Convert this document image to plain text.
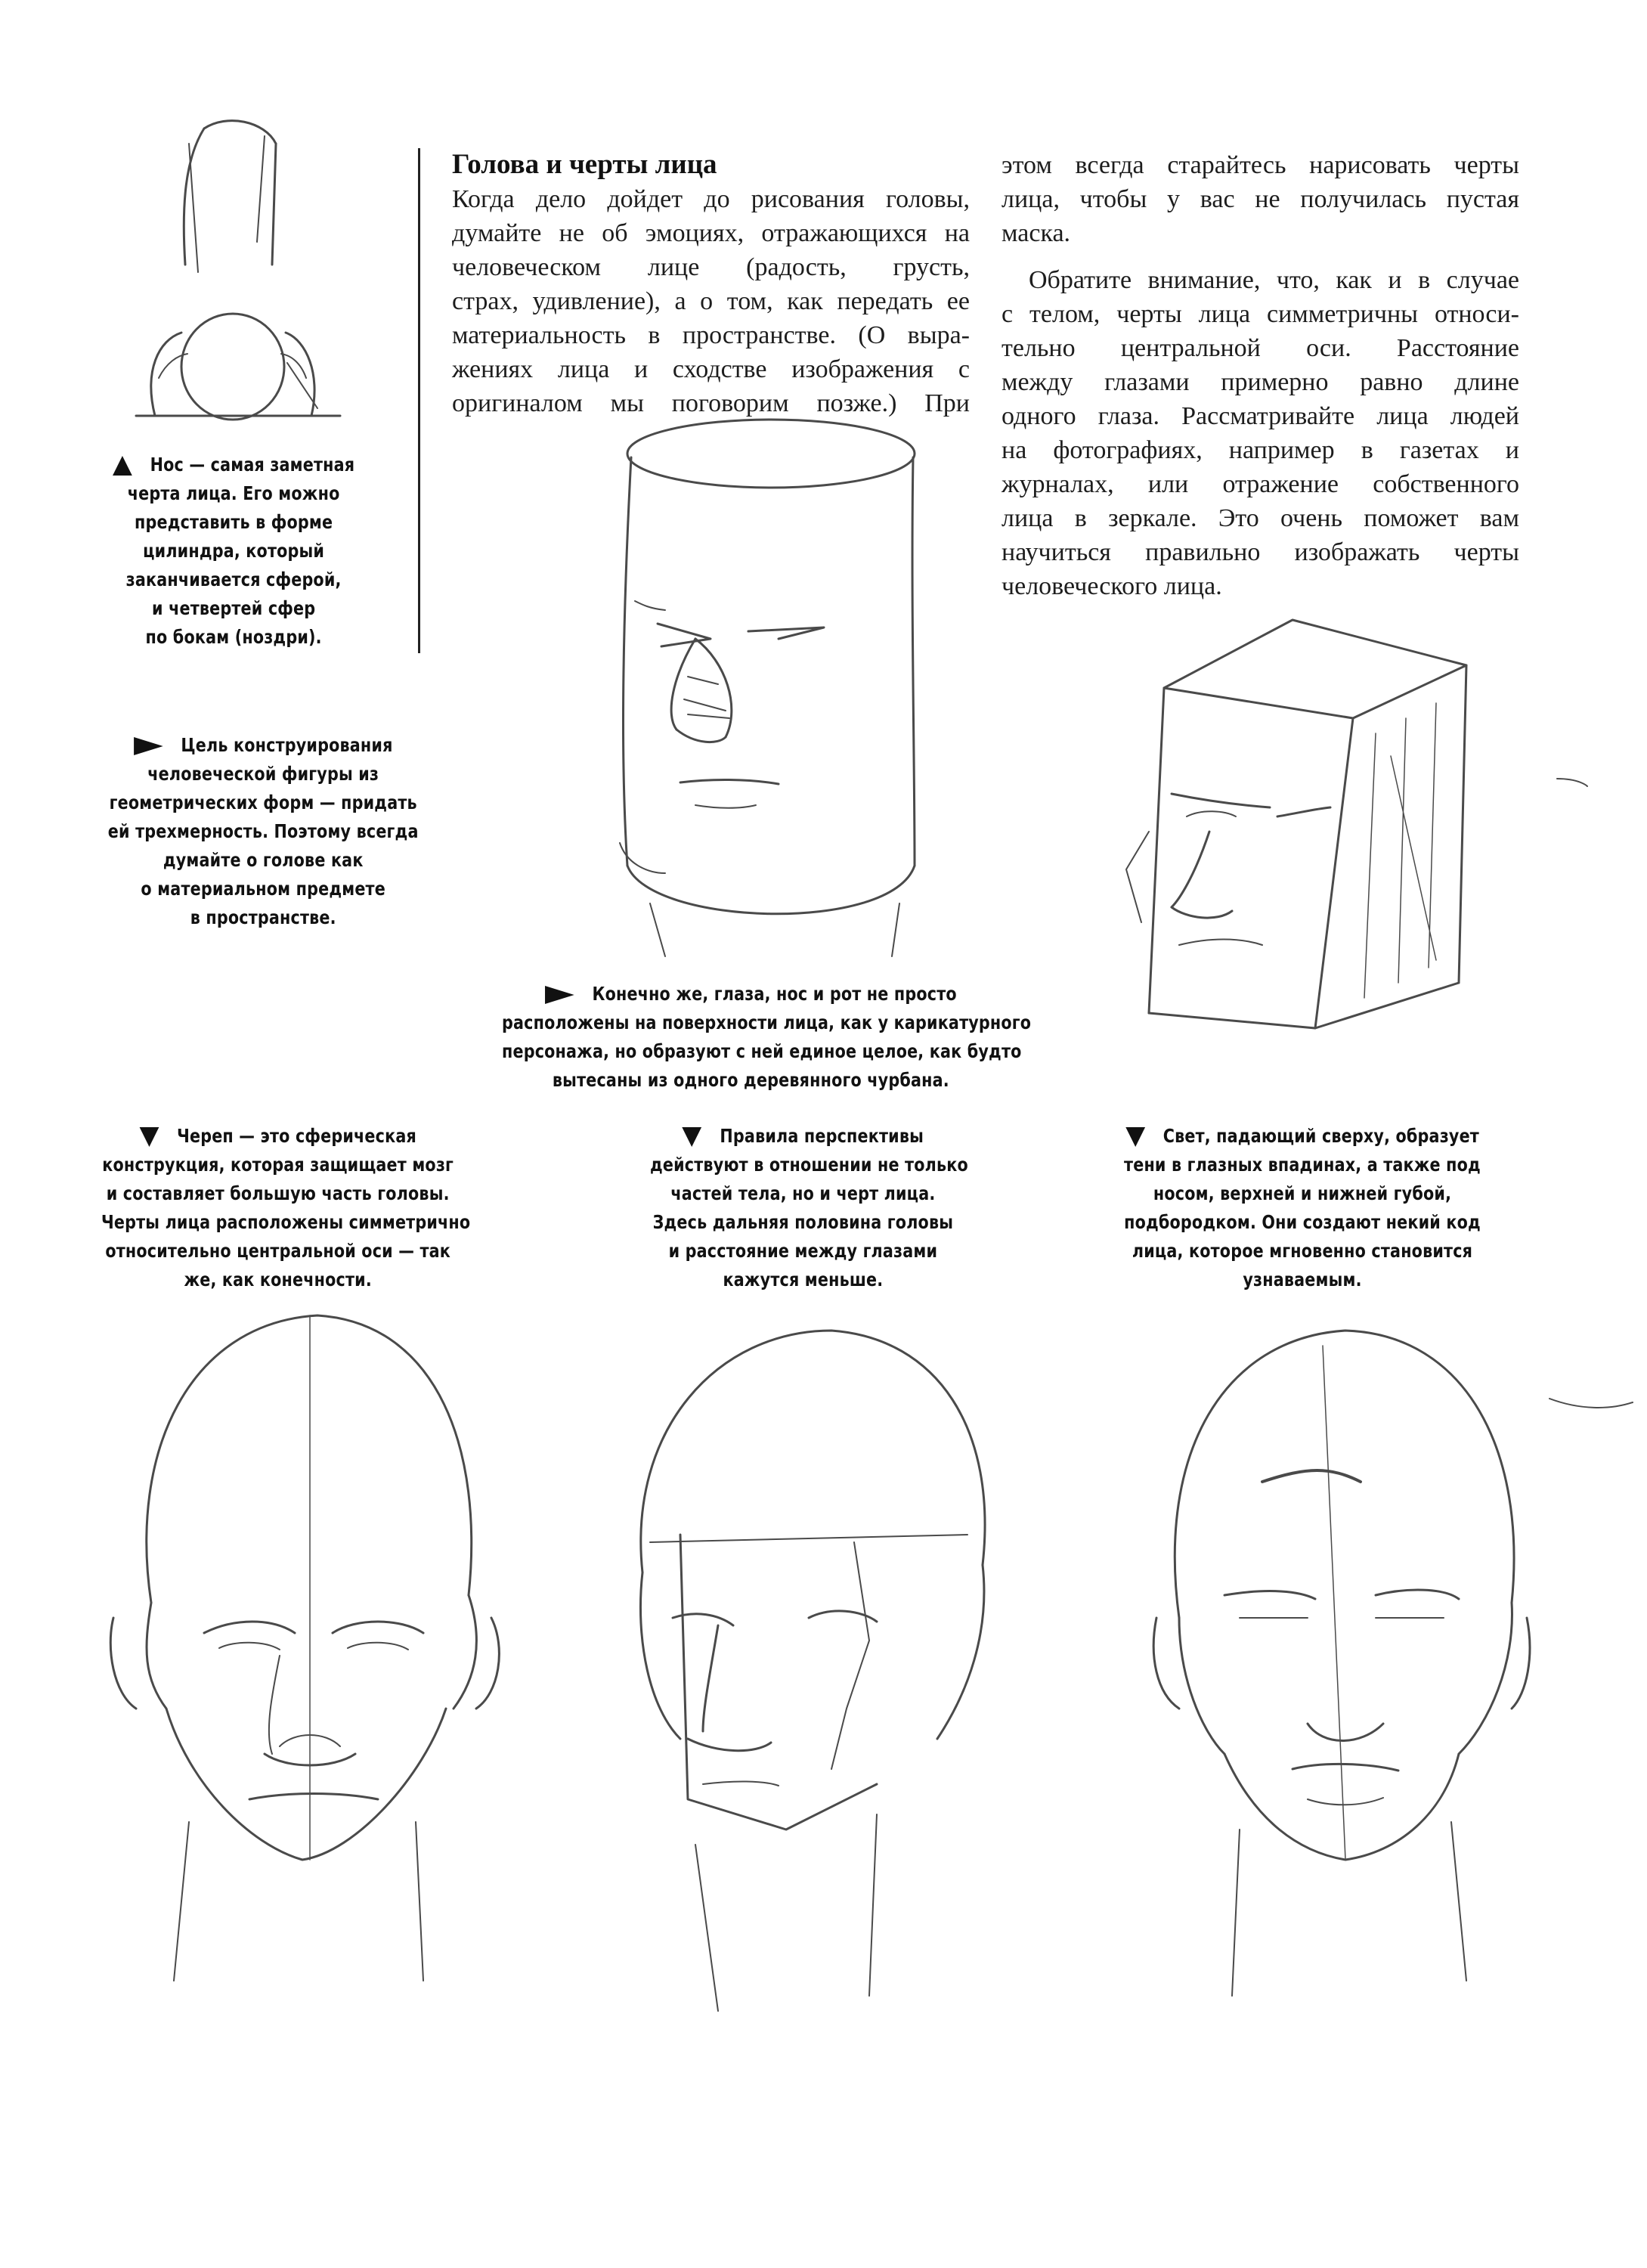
Голова и черты лица

Когда дело дойдет до рисования головы,

думайте не об эмоциях, отражающихся на

человеческом лице (радость, грусть,

страх, удивление), а о том, как передать ее

материальность в пространстве. (О выра-

жениях лица и сходстве изображения с

оригиналом мы поговорим позже.) При

этом всегда старайтесь нарисовать черты

лица, чтобы у вас не получилась пустая

маска.

Обратите внимание, что, как и в случае

с телом, черты лица симметричны относи-

тельно центральной оси. Расстояние

между глазами примерно равно длине

одного глаза. Рассматривайте лица людей

на фотографиях, например в газетах и

журналах, или отражение собственного

лица в зеркале. Это очень поможет вам

научиться правильно изображать черты

человеческого лица.

Нос — самая заметная
черта лица. Его можно
представить в форме
цилиндра, который
заканчивается сферой,
и четвертей сфер
по бокам (ноздри).
Цель конструирования
человеческой фигуры из
геометрических форм — придать
ей трехмерность. Поэтому всегда
думайте о голове как
о материальном предмете
в пространстве.
Конечно же, глаза, нос и рот не просто
расположены на поверхности лица, как у карикатурного
персонажа, но образуют с ней единое целое, как будто
вытесаны из одного деревянного чурбана.
Череп — это сферическая
конструкция, которая защищает мозг
и составляет большую часть головы.
Черты лица расположены симметрично
относительно центральной оси — так
же, как конечности.
Правила перспективы
действуют в отношении не только
частей тела, но и черт лица.
Здесь дальняя половина головы
и расстояние между глазами
кажутся меньше.
Свет, падающий сверху, образует
тени в глазных впадинах, а также под
носом, верхней и нижней губой,
подбородком. Они создают некий код
лица, которое мгновенно становится
узнаваемым.
